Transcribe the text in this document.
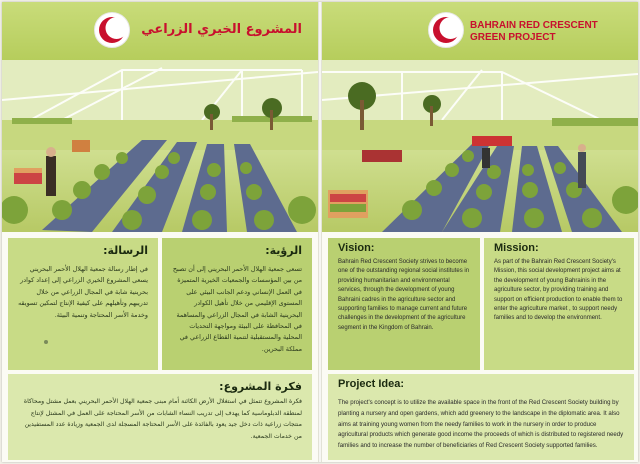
المشروع الخيري الزراعي
الرسالة:
في إطار رسالة جمعية الهلال الأحمر البحريني يسعى المشروع الخيري الزراعي إلى إعداد كوادر بحرينية شابة في المجال الزراعي من خلال تدريبهم وتأهيلهم على كيفية الإنتاج لتمكين تسويقه وخدمة الأسر المحتاجة وتنمية البيئة.
الرؤية:
تسعى جمعية الهلال الأحمر البحريني إلى أن تصبح من بين المؤسسات والجمعيات الخيرية المتميزة في العمل الإنساني ودعم الجانب البيئي على المستوى الإقليمي من خلال تأهيل الكوادر البحرينية الشابة في المجال الزراعي والمساهمة في المحافظة على البيئة ومواجهة التحديات المحلية والمستقبلية لتنمية القطاع الزراعي في مملكة البحرين.
فكرة المشروع:
فكرة المشروع تتمثل في استغلال الأرض الكائنة أمام مبنى جمعية الهلال الأحمر البحريني بعمل مشتل ومحاكاة لمنطقة الدبلوماسية كما يهدف إلى تدريب النساء الشابات من الأسر المحتاجة على العمل في المشتل لإنتاج منتجات زراعية ذات دخل جيد يعود بالفائدة على الأسر المحتاجة المسجلة لدى الجمعية وزيادة عدد المستفيدين من خدمات الجمعية.
BAHRAIN RED CRESCENT GREEN PROJECT
Vision:
Bahrain Red Crescent Society strives to become one of the outstanding regional social institutes in providing humanitarian and environmental services, through the development of young Bahraini cadres in the agriculture sector and supporting families to manage current and future challenges in the development of the agriculture segment in the Kingdom of Bahrain.
Mission:
As part of the Bahrain Red Crescent Society's Mission, this social development project aims at the development of young Bahrainis in the agriculture sector, by providing training and support on efficient production to enable them to enter the agriculture market , to support needy families and to develop the environment.
Project Idea:
The project's concept is to utilize the available space in the front of the Red Crescent Society building by planting a nursery and open gardens, which add greenery to the landscape in the diplomatic area. It also aims at training young women from the needy families to work in the nursery in order to produce agricultural products which generate good income the proceeds of which is distributed to registered needy families and to increase the number of beneficiaries of Red Crescent Society supported families.
